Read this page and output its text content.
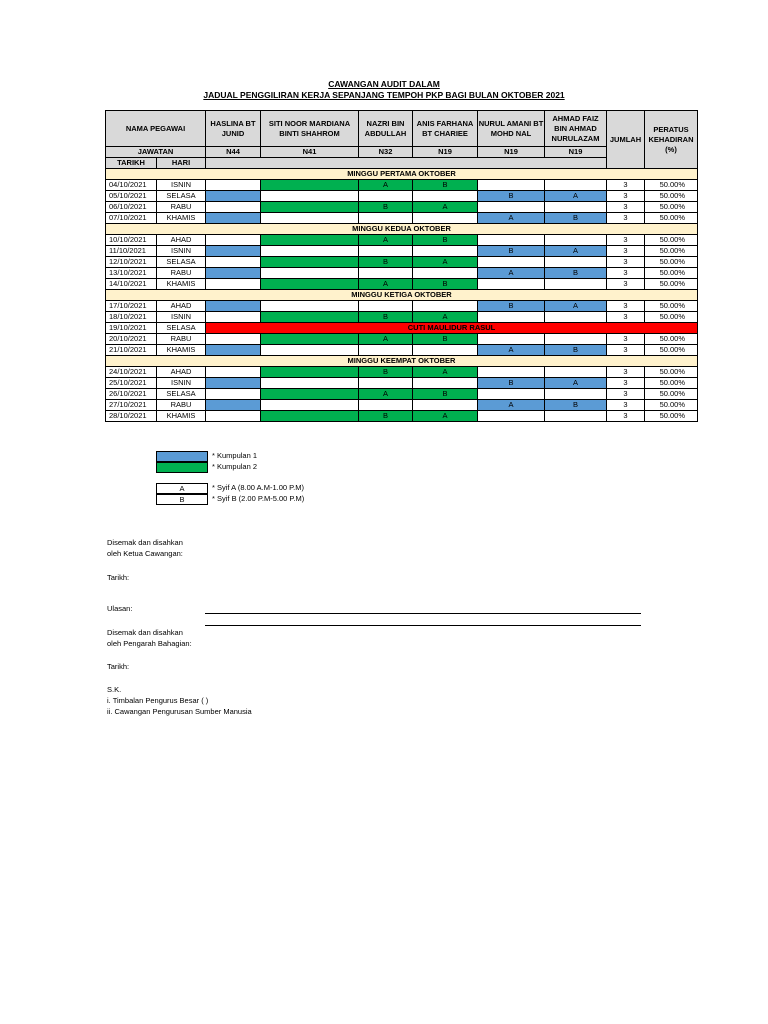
CAWANGAN AUDIT DALAM
JADUAL PENGGILIRAN KERJA SEPANJANG TEMPOH PKP BAGI BULAN OKTOBER 2021
NAMA PEGAWAI		HASLINA BT JUNID	SITI NOOR MARDIANA BINTI SHAHROM	NAZRI BIN ABDULLAH	ANIS FARHANA BT CHARIEE	NURUL AMANI BT MOHD NAL	AHMAD FAIZ BIN AHMAD NURULAZAM	JUMLAH	PERATUS KEHADIRAN (%)
JAWATAN		N44	N41	N32	N19	N19	N19		
TARIKH	HARI								
MINGGU PERTAMA OKTOBER									
04/10/2021	ISNIN			A	B			3	50.00%
05/10/2021	SELASA					B	A	3	50.00%
06/10/2021	RABU			B	A			3	50.00%
07/10/2021	KHAMIS					A	B	3	50.00%
MINGGU KEDUA OKTOBER									
10/10/2021	AHAD			A	B			3	50.00%
11/10/2021	ISNIN					B	A	3	50.00%
12/10/2021	SELASA			B	A			3	50.00%
13/10/2021	RABU					A	B	3	50.00%
14/10/2021	KHAMIS			A	B			3	50.00%
MINGGU KETIGA OKTOBER									
17/10/2021	AHAD					B	A	3	50.00%
18/10/2021	ISNIN			B	A			3	50.00%
19/10/2021	SELASA	CUTI MAULIDUR RASUL							
20/10/2021	RABU			A	B			3	50.00%
21/10/2021	KHAMIS					A	B	3	50.00%
MINGGU KEEMPAT OKTOBER									
24/10/2021	AHAD			B	A			3	50.00%
25/10/2021	ISNIN					B	A	3	50.00%
26/10/2021	SELASA			A	B			3	50.00%
27/10/2021	RABU					A	B	3	50.00%
28/10/2021	KHAMIS			B	A			3	50.00%
* Kumpulan 1
* Kumpulan 2
A
B
* Syif A (8.00 A.M-1.00 P.M)
* Syif B (2.00 P.M-5.00 P.M)
Disemak dan disahkan
oleh Ketua Cawangan:
Tarikh:
Ulasan:
Disemak dan disahkan
oleh Pengarah Bahagian:
Tarikh:
S.K.
i. Timbalan Pengurus Besar ( )
ii. Cawangan Pengurusan Sumber Manusia
